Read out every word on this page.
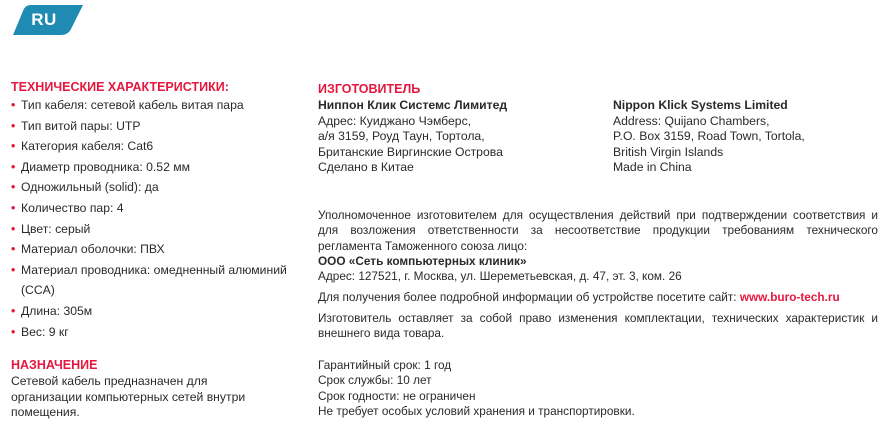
RU
ТЕХНИЧЕСКИЕ ХАРАКТЕРИСТИКИ:
• Тип кабеля: сетевой кабель витая пара
• Тип витой пары: UTP
• Категория кабеля: Cat6
• Диаметр проводника: 0.52 мм
• Одножильный (solid): да
• Количество пар: 4
• Цвет: серый
• Материал оболочки: ПВХ
• Материал проводника: омедненный алюминий (CCA)
• Длина: 305м
• Вес: 9 кг
НАЗНАЧЕНИЕ
Сетевой кабель предназначен для организации компьютерных сетей внутри помещения.
ИЗГОТОВИТЕЛЬ
Ниппон Клик Системс Лимитед
Адрес: Куиджано Чэмберс,
а/я 3159, Роуд Таун, Тортола,
Британские Виргинские Острова
Сделано в Китае
Nippon Klick Systems Limited
Address: Quijano Chambers,
P.O. Box 3159, Road Town, Tortola,
British Virgin Islands
Made in China
Уполномоченное изготовителем для осуществления действий при подтверждении соответствия и для возложения ответственности за несоответствие продукции требованиям технического регламента Таможенного союза лицо:
ООО «Сеть компьютерных клиник»
Адрес: 127521, г. Москва, ул. Шереметьевская, д. 47, эт. 3, ком. 26
Для получения более подробной информации об устройстве посетите сайт: www.buro-tech.ru
Изготовитель оставляет за собой право изменения комплектации, технических характеристик и внешнего вида товара.
Гарантийный срок: 1 год
Срок службы: 10 лет
Срок годности: не ограничен
Не требует особых условий хранения и транспортировки.
